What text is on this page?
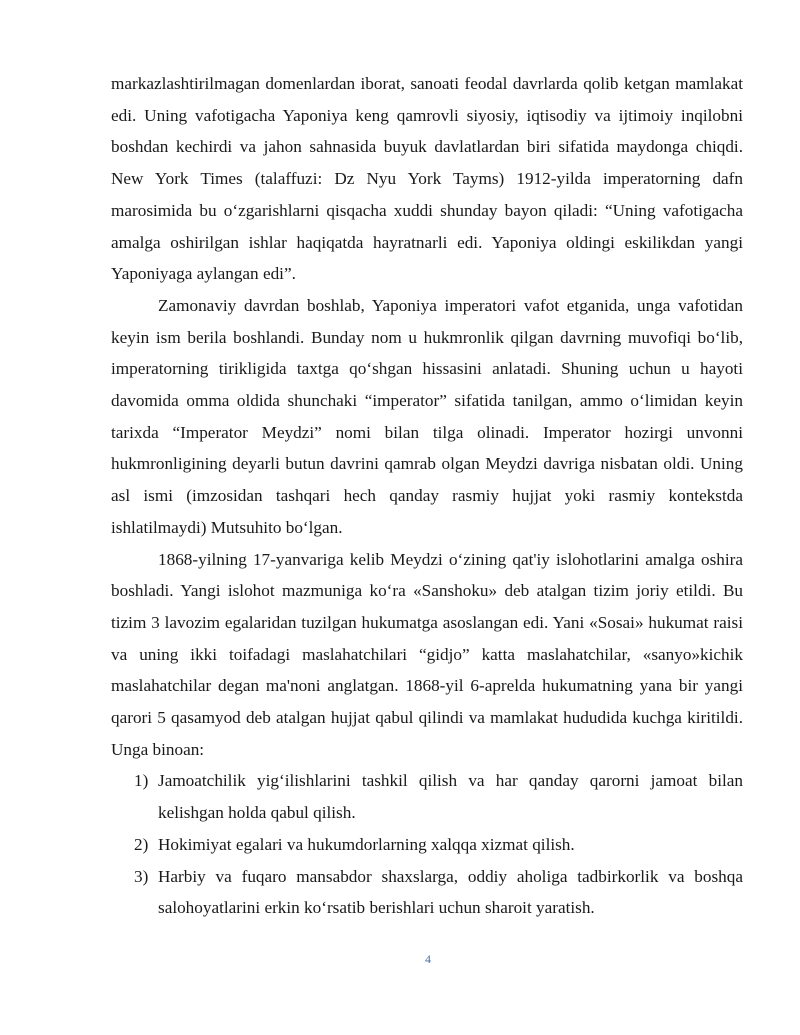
markazlashtirilmagan domenlardan iborat, sanoati feodal davrlarda qolib ketgan mamlakat edi. Uning vafotigacha Yaponiya keng qamrovli siyosiy, iqtisodiy va ijtimoiy inqilobni boshdan kechirdi va jahon sahnasida buyuk davlatlardan biri sifatida maydonga chiqdi. New York Times (talaffuzi: Dz Nyu York Tayms) 1912-yilda imperatorning dafn marosimida bu o‘zgarishlarni qisqacha xuddi shunday bayon qiladi: “Uning vafotigacha amalga oshirilgan ishlar haqiqatda hayratnarli edi. Yaponiya oldingi eskilikdan yangi Yaponiyaga aylangan edi”.

Zamonaviy davrdan boshlab, Yaponiya imperatori vafot etganida, unga vafotidan keyin ism berila boshlandi. Bunday nom u hukmronlik qilgan davrning muvofiqi bo‘lib, imperatorning tirikligida taxtga qo‘shgan hissasini anlatadi. Shuning uchun u hayoti davomida omma oldida shunchaki “imperator” sifatida tanilgan, ammo o‘limidan keyin tarixda “Imperator Meydzi” nomi bilan tilga olinadi. Imperator hozirgi unvonni hukmronligining deyarli butun davrini qamrab olgan Meydzi davriga nisbatan oldi. Uning asl ismi (imzosidan tashqari hech qanday rasmiy hujjat yoki rasmiy kontekstda ishlatilmaydi) Mutsuhito bo‘lgan.

1868-yilning 17-yanvariga kelib Meydzi o‘zining qat'iy islohotlarini amalga oshira boshladi. Yangi islohot mazmuniga ko‘ra «Sanshoku» deb atalgan tizim joriy etildi. Bu tizim 3 lavozim egalaridan tuzilgan hukumatga asoslangan edi. Yani «Sosai» hukumat raisi va uning ikki toifadagi maslahatchilari “gidjo” katta maslahatchilar, «sanyo»kichik maslahatchilar degan ma'noni anglatgan. 1868-yil 6-aprelda hukumatning yana bir yangi qarori 5 qasamyod deb atalgan hujjat qabul qilindi va mamlakat hududida kuchga kiritildi. Unga binoan:

1) Jamoatchilik yig‘ilishlarini tashkil qilish va har qanday qarorni jamoat bilan kelishgan holda qabul qilish.
2) Hokimiyat egalari va hukumdorlarning xalqqa xizmat qilish.
3) Harbiy va fuqaro mansabdor shaxslarga, oddiy aholiga tadbirkorlik va boshqa salohoyatlarini erkin ko‘rsatib berishlari uchun sharoit yaratish.
4
